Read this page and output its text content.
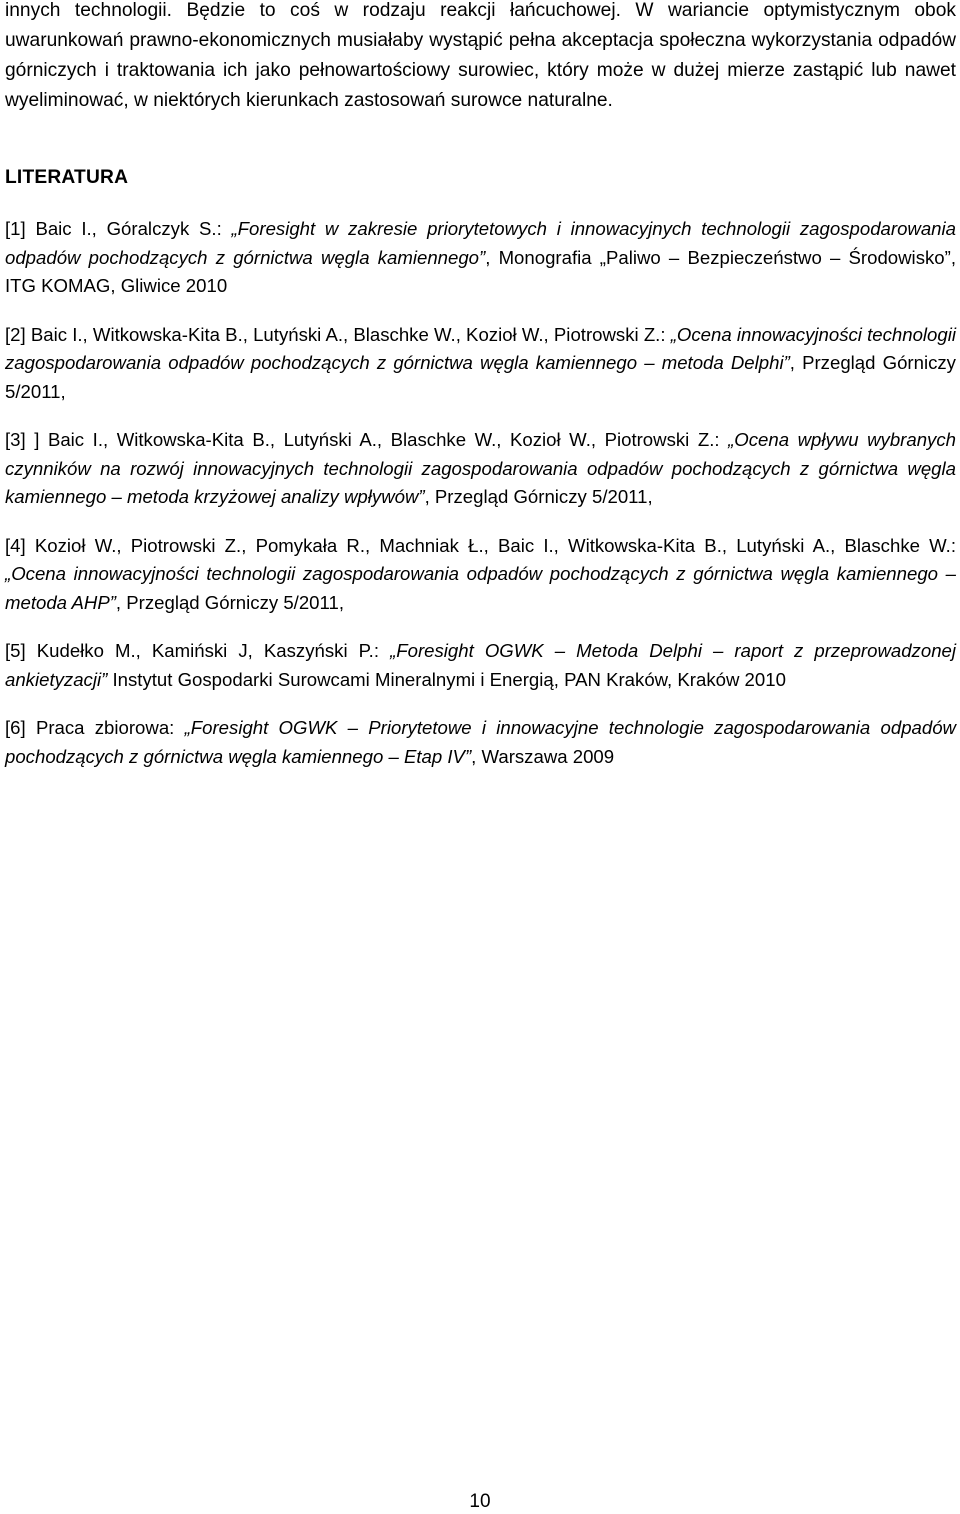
innych technologii. Będzie to coś w rodzaju reakcji łańcuchowej. W wariancie optymistycznym obok uwarunkowań prawno-ekonomicznych musiałaby wystąpić pełna akceptacja społeczna wykorzystania odpadów górniczych i traktowania ich jako pełnowartościowy surowiec, który może w dużej mierze zastąpić lub nawet wyeliminować, w niektórych kierunkach zastosowań surowce naturalne.

LITERATURA

[1] Baic I., Góralczyk S.: „Foresight w zakresie priorytetowych i innowacyjnych technologii zagospodarowania odpadów pochodzących z górnictwa węgla kamiennego”, Monografia „Paliwo – Bezpieczeństwo – Środowisko”, ITG KOMAG, Gliwice 2010

[2] Baic I., Witkowska-Kita B., Lutyński A., Blaschke W., Kozioł W., Piotrowski Z.: „Ocena innowacyjności technologii zagospodarowania odpadów pochodzących z górnictwa węgla kamiennego – metoda Delphi”, Przegląd Górniczy 5/2011,

[3] ] Baic I., Witkowska-Kita B., Lutyński A., Blaschke W., Kozioł W., Piotrowski Z.: „Ocena wpływu wybranych czynników na rozwój innowacyjnych technologii zagospodarowania odpadów pochodzących z górnictwa węgla kamiennego – metoda krzyżowej analizy wpływów”, Przegląd Górniczy 5/2011,

[4] Kozioł W., Piotrowski Z., Pomykała R., Machniak Ł., Baic I., Witkowska-Kita B., Lutyński A., Blaschke W.: „Ocena innowacyjności technologii zagospodarowania odpadów pochodzących z górnictwa węgla kamiennego – metoda AHP”, Przegląd Górniczy 5/2011,

[5] Kudełko M., Kamiński J, Kaszyński P.: „Foresight OGWK – Metoda Delphi – raport z przeprowadzonej ankietyzacji” Instytut Gospodarki Surowcami Mineralnymi i Energią, PAN Kraków, Kraków 2010

[6] Praca zbiorowa: „Foresight OGWK – Priorytetowe i innowacyjne technologie zagospodarowania odpadów pochodzących z górnictwa węgla kamiennego – Etap IV”, Warszawa 2009

10
